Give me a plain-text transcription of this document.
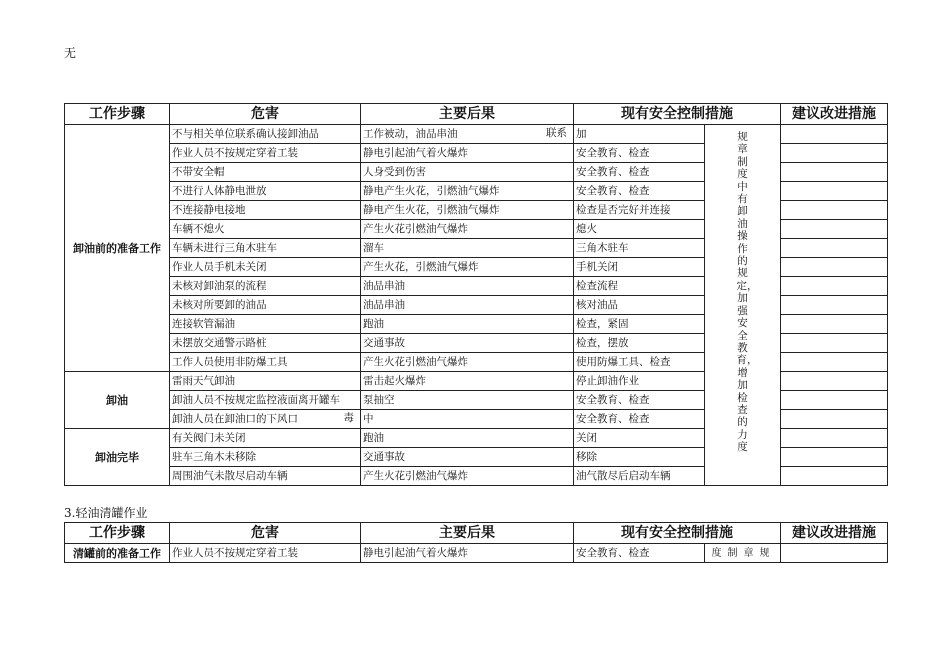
无
工作步骤	危害	主要后果	现有安全控制措施		建议改进措施
卸油前的准备工作	不与相关单位联系确认接卸油品	工作被动，油品串油 联系	加	规章制度中有卸油操作的规定，加强安全教育，增加检查的力度	

	作业人员不按规定穿着工装	静电引起油气着火爆炸	安全教育、检查		
	不带安全帽	人身受到伤害	安全教育、检查		
	不进行人体静电泄放	静电产生火花，引燃油气爆炸	安全教育、检查		
	不连接静电接地	静电产生火花，引燃油气爆炸	检查是否完好并连接		
	车辆不熄火	产生火花引燃油气爆炸	熄火		
	车辆未进行三角木驻车	溜车	三角木驻车		
	作业人员手机未关闭	产生火花，引燃油气爆炸	手机关闭		
	未核对卸油泵的流程	油品串油	检查流程		
	未核对所要卸的油品	油品串油	核对油品		
	连接软管漏油	跑油	检查，紧固		
	未摆放交通警示路桩	交通事故	检查，摆放		
	工作人员使用非防爆工具	产生火花引燃油气爆炸	使用防爆工具、检查		
卸油	雷雨天气卸油	雷击起火爆炸	停止卸油作业		
	卸油人员不按规定监控液面离开罐车	泵抽空	安全教育、检查		
	卸油人员在卸油口的下风口 毒	中	安全教育、检查		
卸油完毕	有关阀门未关闭	跑油	关闭		
	驻车三角木未移除	交通事故	移除		
	周围油气未散尽启动车辆	产生火花引燃油气爆炸	油气散尽后启动车辆		
3.轻油清罐作业
工作步骤	危害	主要后果	现有安全控制措施		建议改进措施
清罐前的准备工作	作业人员不按规定穿着工装	静电引起油气着火爆炸	安全教育、检查	度制章规	
